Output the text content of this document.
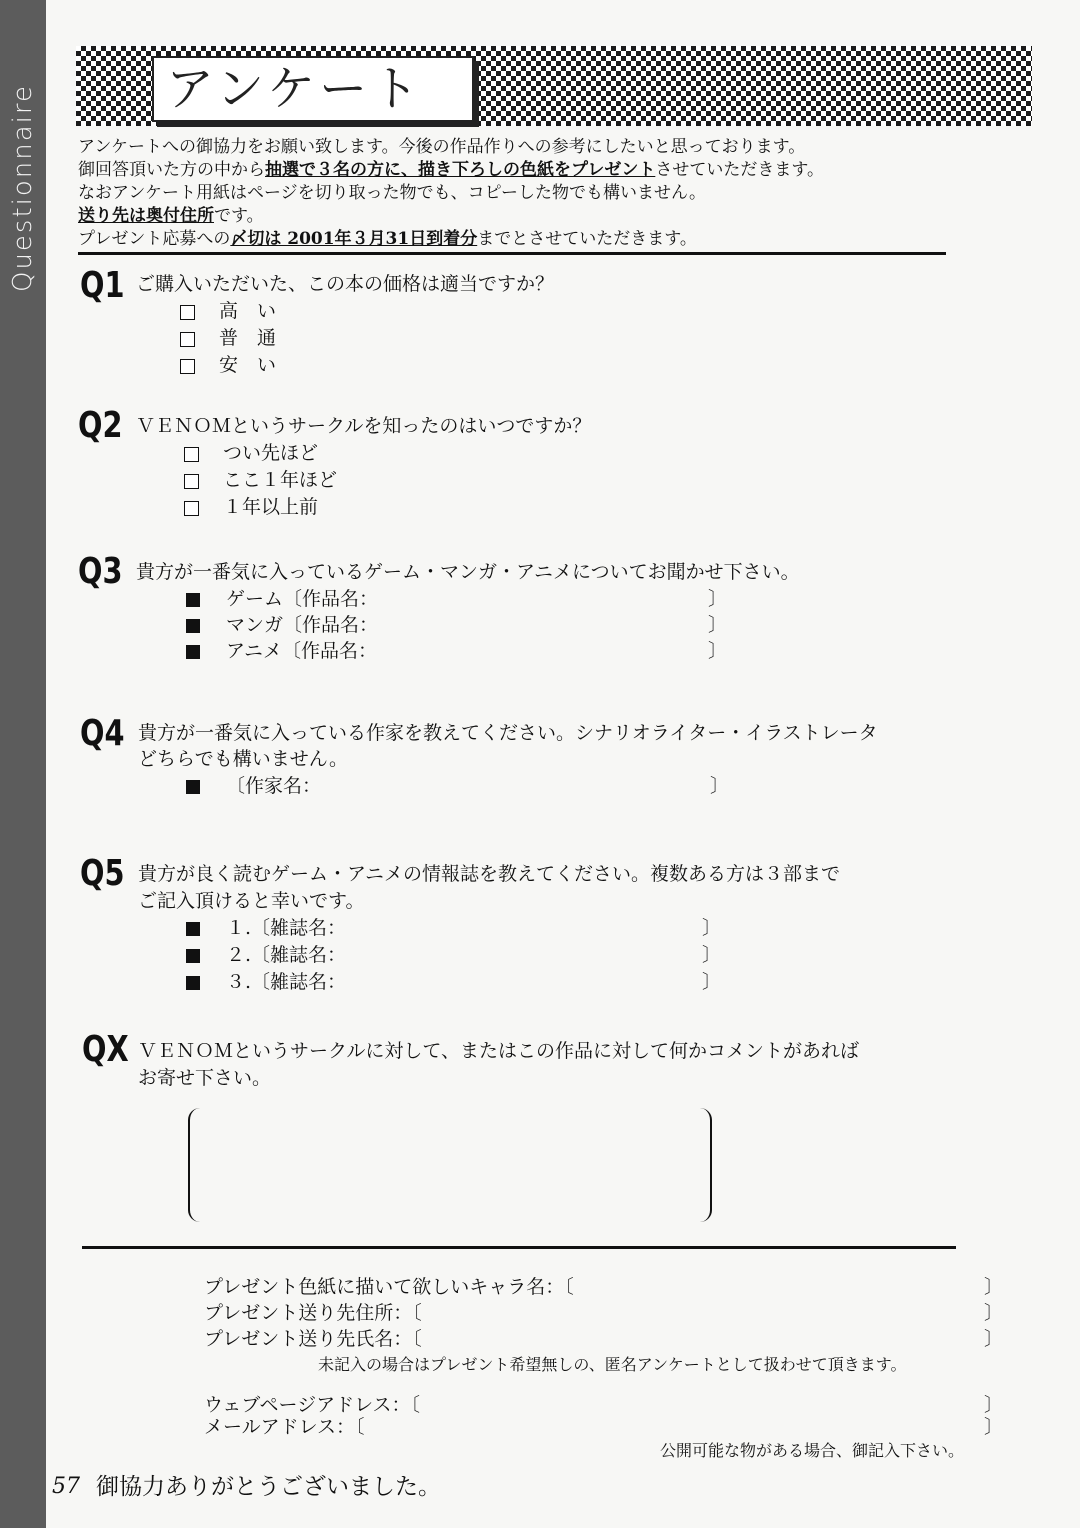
Questionnaire	アンケート
アンケートへの御協力をお願い致します。今後の作品作りへの参考にしたいと思っております。
御回答頂いた方の中から抽選で３名の方に、描き下ろしの色紙をプレゼントさせていただきます。
なおアンケート用紙はページを切り取った物でも、コピーした物でも構いません。
送り先は奥付住所です。
プレゼント応募への〆切は 2001年３月31日到着分までとさせていただきます。
Q1 ご購入いただいた、この本の価格は適当ですか？
高　い
普　通
安　い
Q2 ＶＥＮＯＭというサークルを知ったのはいつですか？
つい先ほど
ここ１年ほど
１年以上前
Q3 貴方が一番気に入っているゲーム・マンガ・アニメについてお聞かせ下さい。
ゲーム〔作品名：	〕
マンガ〔作品名：	〕
アニメ〔作品名：	〕
Q4 貴方が一番気に入っている作家を教えてください。シナリオライター・イラストレータ
どちらでも構いません。
〔作家名：	〕
Q5 貴方が良く読むゲーム・アニメの情報誌を教えてください。複数ある方は３部まで
ご記入頂けると幸いです。
１.〔雑誌名：	〕
２.〔雑誌名：	〕
３.〔雑誌名：	〕
QX ＶＥＮＯＭというサークルに対して、またはこの作品に対して何かコメントがあれば
お寄せ下さい。
プレゼント色紙に描いて欲しいキャラ名：〔	〕
プレゼント送り先住所：〔	〕
プレゼント送り先氏名：〔	〕
未記入の場合はプレゼント希望無しの、匿名アンケートとして扱わせて頂きます。
ウェブページアドレス：〔	〕
メールアドレス：〔	〕
公開可能な物がある場合、御記入下さい。
57 御協力ありがとうございました。
